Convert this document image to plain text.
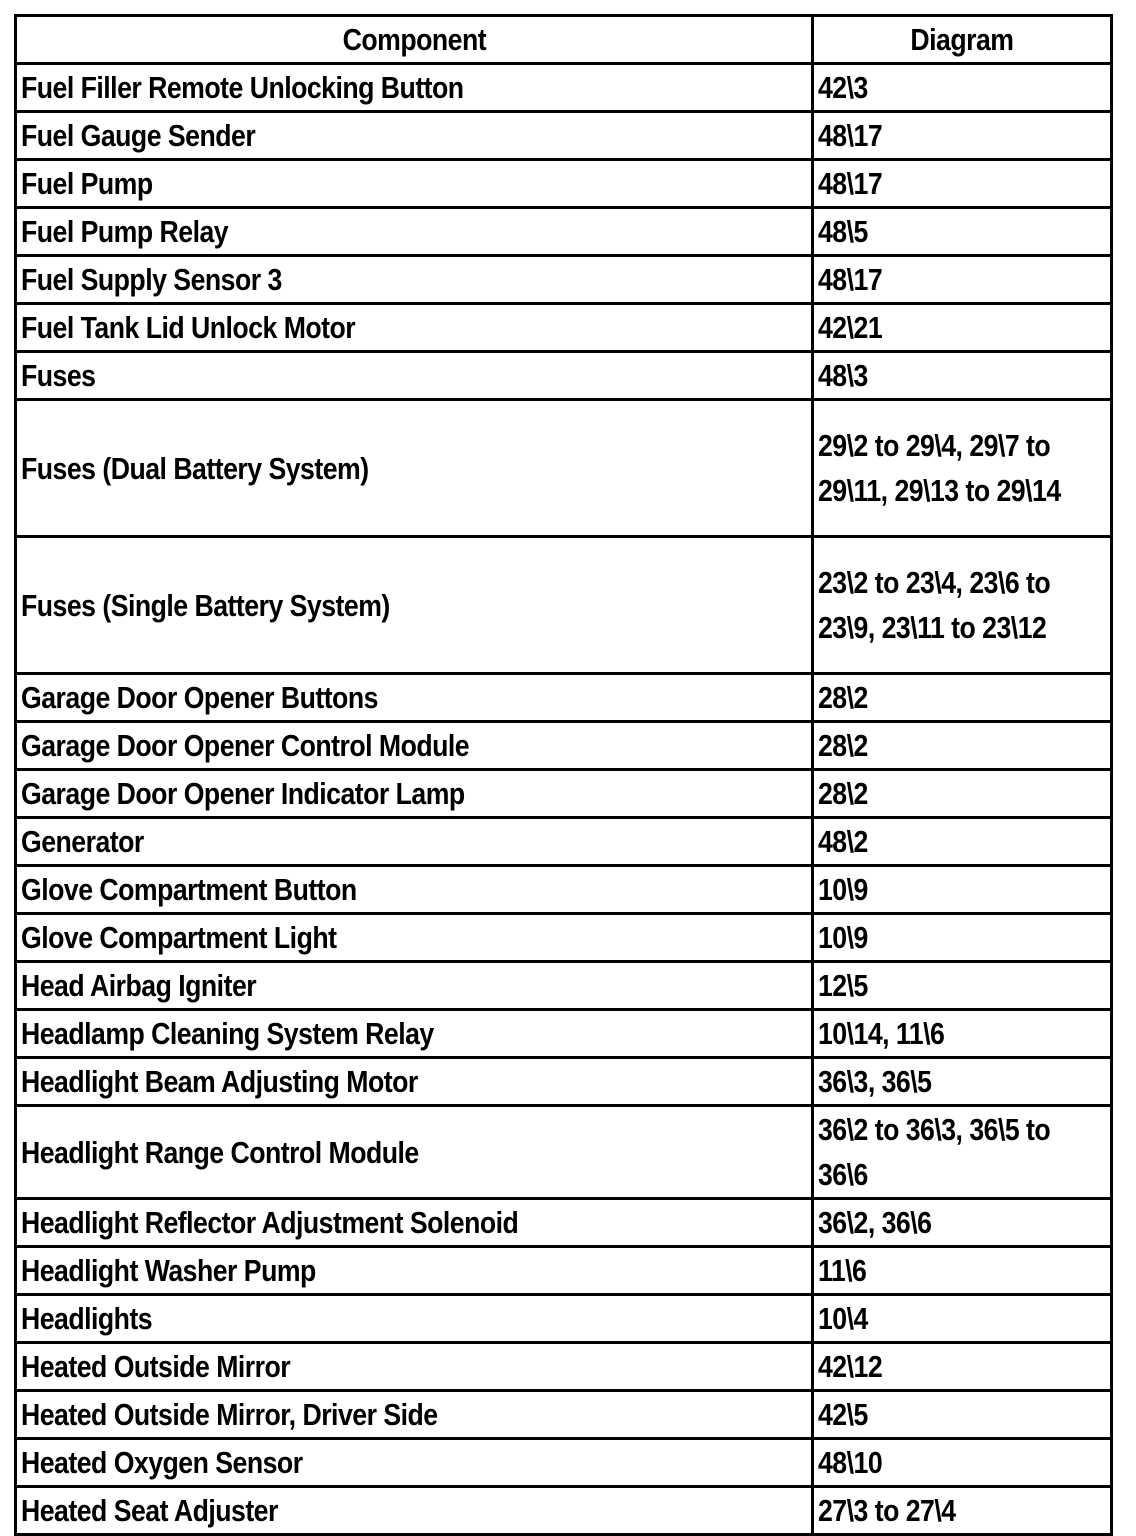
Component	Diagram
Fuel Filler Remote Unlocking Button	42\3
Fuel Gauge Sender	48\17
Fuel Pump	48\17
Fuel Pump Relay	48\5
Fuel Supply Sensor 3	48\17
Fuel Tank Lid Unlock Motor	42\21
Fuses	48\3
Fuses (Dual Battery System)	29\2 to 29\4, 29\7 to 29\11, 29\13 to 29\14
Fuses (Single Battery System)	23\2 to 23\4, 23\6 to 23\9, 23\11 to 23\12
Garage Door Opener Buttons	28\2
Garage Door Opener Control Module	28\2
Garage Door Opener Indicator Lamp	28\2
Generator	48\2
Glove Compartment Button	10\9
Glove Compartment Light	10\9
Head Airbag Igniter	12\5
Headlamp Cleaning System Relay	10\14, 11\6
Headlight Beam Adjusting Motor	36\3, 36\5
Headlight Range Control Module	36\2 to 36\3, 36\5 to 36\6
Headlight Reflector Adjustment Solenoid	36\2, 36\6
Headlight Washer Pump	11\6
Headlights	10\4
Heated Outside Mirror	42\12
Heated Outside Mirror, Driver Side	42\5
Heated Oxygen Sensor	48\10
Heated Seat Adjuster	27\3 to 27\4
